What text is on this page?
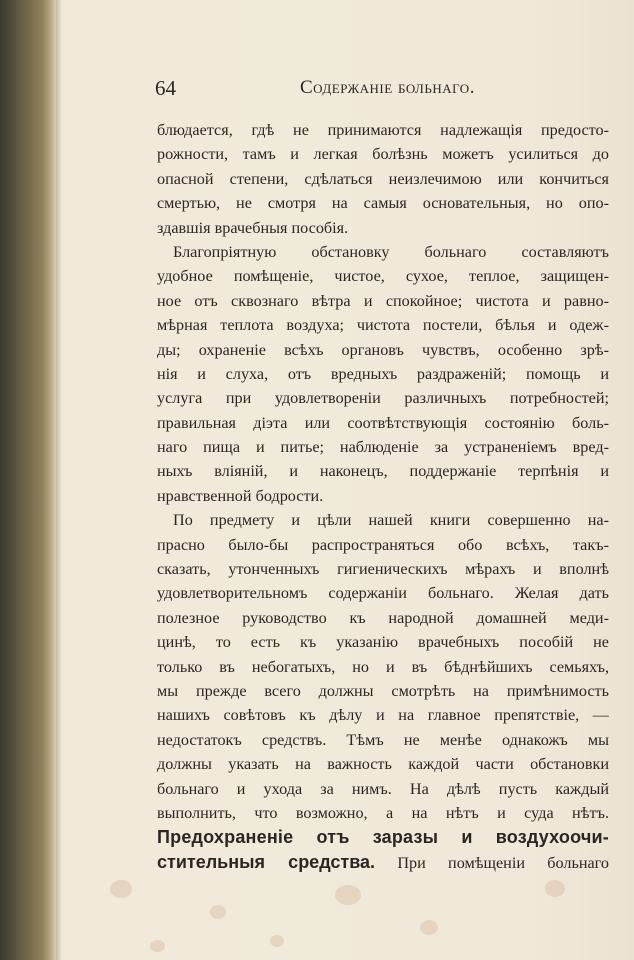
64	Содержаніе больнаго.
блюдается, гдѣ не принимаются надлежащія предосто-
рожности, тамъ и легкая болѣзнь можетъ усилиться до
опасной степени, сдѣлаться неизлечимою или кончиться
смертью, не смотря на самыя основательныя, но опо-
здавшія врачебныя пособія.
Благопріятную обстановку больнаго составляютъ
удобное помѣщеніе, чистое, сухое, теплое, защищен-
ное отъ сквознаго вѣтра и спокойное; чистота и равно-
мѣрная теплота воздуха; чистота постели, бѣлья и одеж-
ды; охраненіе всѣхъ органовъ чувствъ, особенно зрѣ-
нія и слуха, отъ вредныхъ раздраженій; помощь и
услуга при удовлетвореніи различныхъ потребностей;
правильная діэта или соотвѣтствующія состоянію боль-
наго пища и питье; наблюденіе за устраненіемъ вред-
ныхъ вліяній, и наконецъ, поддержаніе терпѣнія и
нравственной бодрости.
По предмету и цѣли нашей книги совершенно на-
прасно было-бы распространяться обо всѣхъ, такъ-
сказать, утонченныхъ гигиеническихъ мѣрахъ и вполнѣ
удовлетворительномъ содержаніи больнаго. Желая дать
полезное руководство къ народной домашней меди-
цинѣ, то есть къ указанію врачебныхъ пособій не
только въ небогатыхъ, но и въ бѣднѣйшихъ семьяхъ,
мы прежде всего должны смотрѣть на примѣнимость
нашихъ совѣтовъ къ дѣлу и на главное препятствіе, —
недостатокъ средствъ. Тѣмъ не менѣе однакожъ мы
должны указать на важность каждой части обстановки
больнаго и ухода за нимъ. На дѣлѣ пусть каждый
выполнить, что возможно, а на нѣтъ и суда нѣтъ.
Предохраненіе отъ заразы и воздухоочи-
стительныя средства. При помѣщеніи больнаго
